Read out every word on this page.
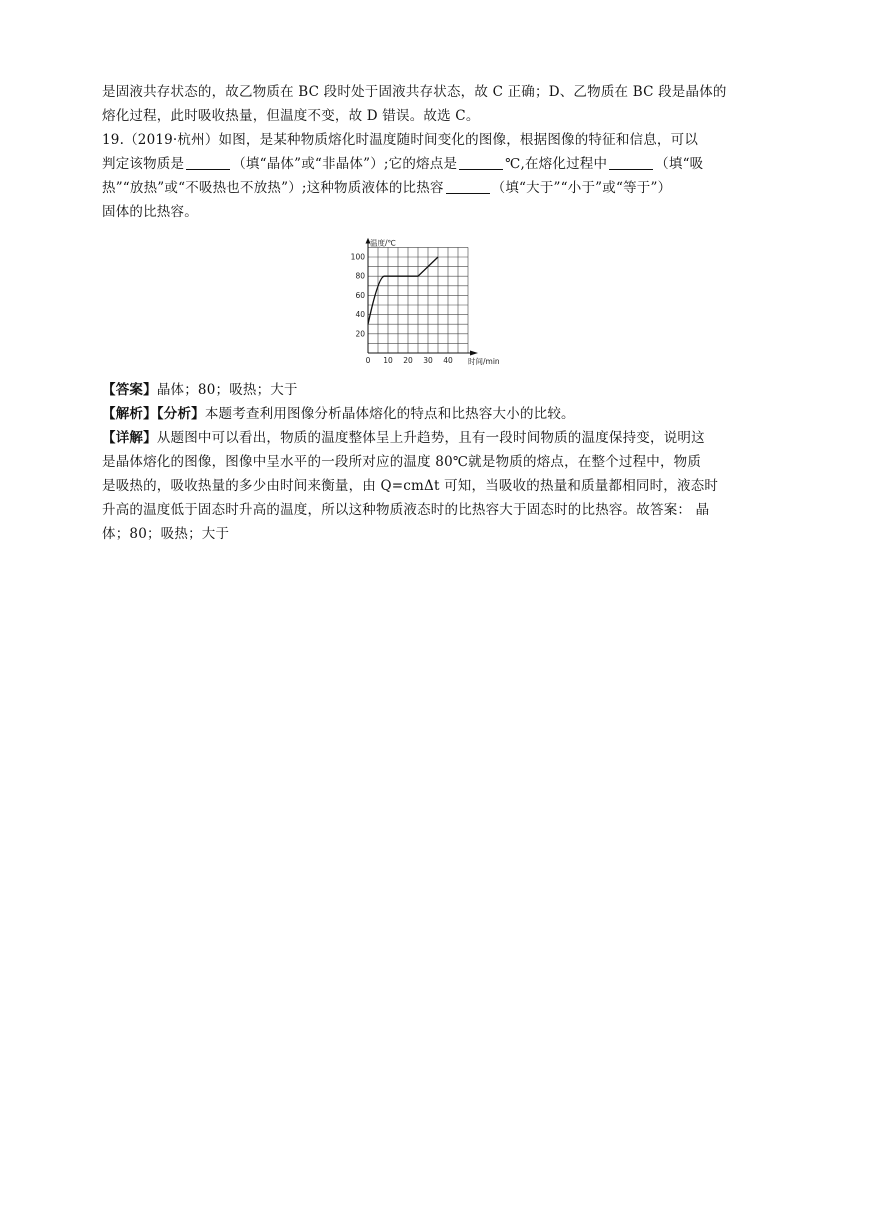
是固液共存状态的，故乙物质在 BC 段时处于固液共存状态，故 C 正确；D、乙物质在 BC 段是晶体的
熔化过程，此时吸收热量，但温度不变，故 D 错误。故选 C。

19.（2019·杭州）如图，是某种物质熔化时温度随时间变化的图像，根据图像的特征和信息，可以
判定该物质是	（填“晶体”或“非晶体”）;它的熔点是	℃,在熔化过程中	（填“吸
热”“放热”或“不吸热也不放热”）;这种物质液体的比热容	（填“大于”“小于”或“等于”）
固体的比热容。

0 10 20 30 40
20
40
60
80
100
温度/℃
时间/min

【答案】晶体；80；吸热；大于

【解析】【分析】本题考查利用图像分析晶体熔化的特点和比热容大小的比较。

【详解】从题图中可以看出，物质的温度整体呈上升趋势，且有一段时间物质的温度保持变，说明这
是晶体熔化的图像，图像中呈水平的一段所对应的温度 80℃就是物质的熔点，在整个过程中，物质
是吸热的，吸收热量的多少由时间来衡量，由 Q=cmΔt 可知，当吸收的热量和质量都相同时，液态时
升高的温度低于固态时升高的温度，所以这种物质液态时的比热容大于固态时的比热容。故答案： 晶
体；80；吸热；大于
